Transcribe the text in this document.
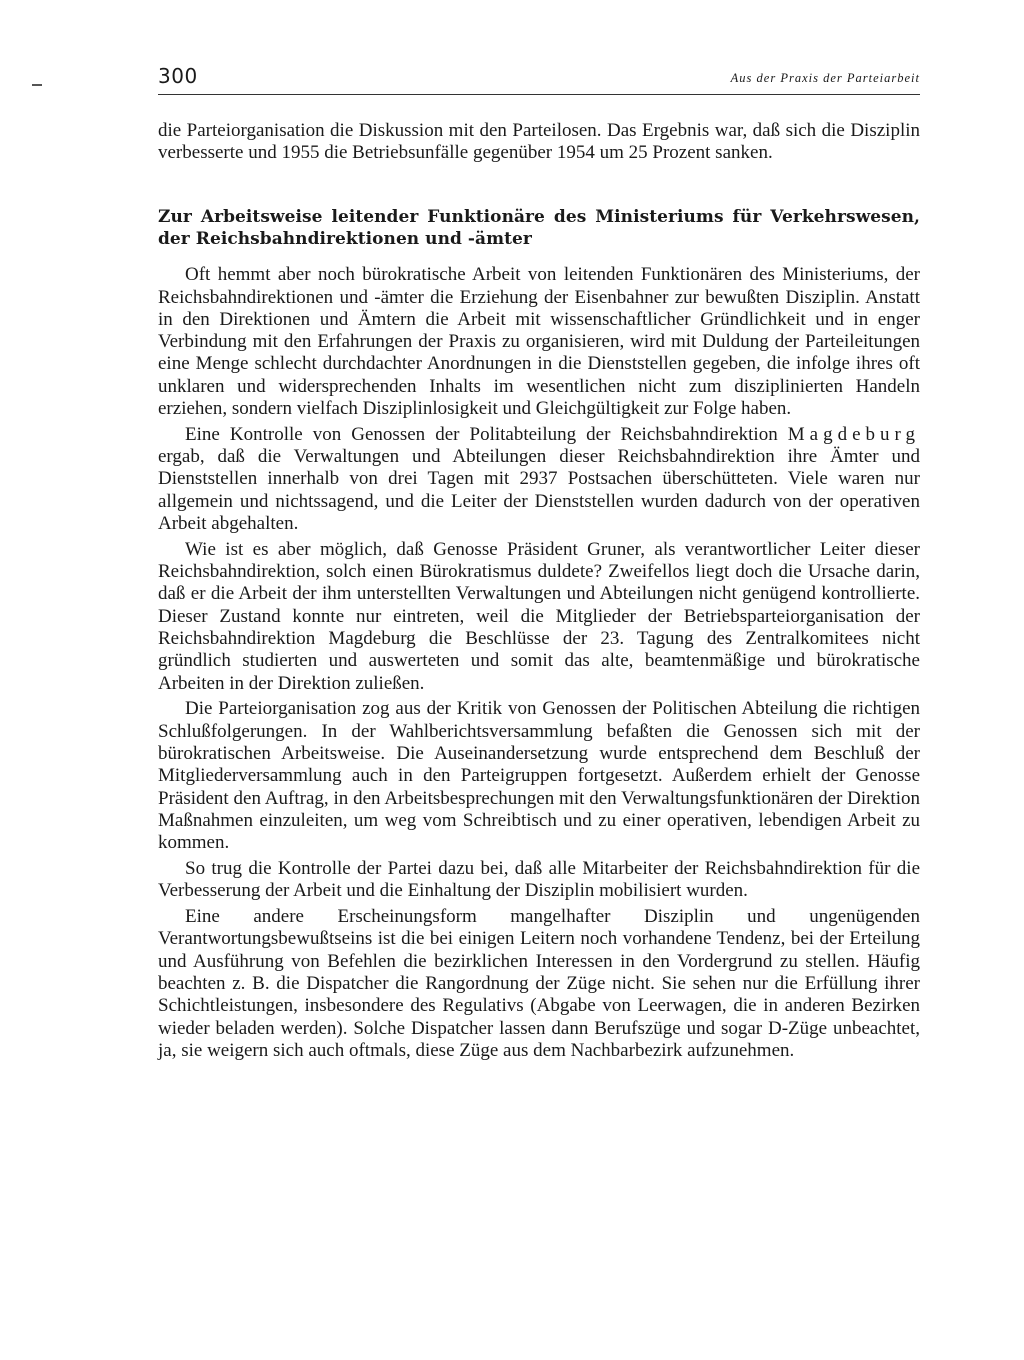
300	Aus der Praxis der Parteiarbeit

die Parteiorganisation die Diskussion mit den Parteilosen. Das Ergebnis war, daß sich die Disziplin verbesserte und 1955 die Betriebsunfälle gegenüber 1954 um 25 Prozent sanken.

Zur Arbeitsweise leitender Funktionäre des Ministeriums für Verkehrswesen, der Reichsbahndirektionen und -ämter

Oft hemmt aber noch bürokratische Arbeit von leitenden Funktionären des Ministeriums, der Reichsbahndirektionen und -ämter die Erziehung der Eisenbahner zur bewußten Disziplin. Anstatt in den Direktionen und Ämtern die Arbeit mit wissenschaftlicher Gründlichkeit und in enger Verbindung mit den Erfahrungen der Praxis zu organisieren, wird mit Duldung der Parteileitungen eine Menge schlecht durchdachter Anordnungen in die Dienststellen gegeben, die infolge ihres oft unklaren und widersprechenden Inhalts im wesentlichen nicht zum disziplinierten Handeln erziehen, sondern vielfach Disziplinlosigkeit und Gleichgültigkeit zur Folge haben.

Eine Kontrolle von Genossen der Politabteilung der Reichsbahndirektion Magdeburg ergab, daß die Verwaltungen und Abteilungen dieser Reichsbahndirektion ihre Ämter und Dienststellen innerhalb von drei Tagen mit 2937 Postsachen überschütteten. Viele waren nur allgemein und nichtssagend, und die Leiter der Dienststellen wurden dadurch von der operativen Arbeit abgehalten.

Wie ist es aber möglich, daß Genosse Präsident Gruner, als verantwortlicher Leiter dieser Reichsbahndirektion, solch einen Bürokratismus duldete? Zweifellos liegt doch die Ursache darin, daß er die Arbeit der ihm unterstellten Verwaltungen und Abteilungen nicht genügend kontrollierte. Dieser Zustand konnte nur eintreten, weil die Mitglieder der Betriebsparteiorganisation der Reichsbahndirektion Magdeburg die Beschlüsse der 23. Tagung des Zentralkomitees nicht gründlich studierten und auswerteten und somit das alte, beamtenmäßige und bürokratische Arbeiten in der Direktion zuließen.

Die Parteiorganisation zog aus der Kritik von Genossen der Politischen Abteilung die richtigen Schlußfolgerungen. In der Wahlberichtsversammlung befaßten die Genossen sich mit der bürokratischen Arbeitsweise. Die Auseinandersetzung wurde entsprechend dem Beschluß der Mitgliederversammlung auch in den Parteigruppen fortgesetzt. Außerdem erhielt der Genosse Präsident den Auftrag, in den Arbeitsbesprechungen mit den Verwaltungsfunktionären der Direktion Maßnahmen einzuleiten, um weg vom Schreibtisch und zu einer operativen, lebendigen Arbeit zu kommen.

So trug die Kontrolle der Partei dazu bei, daß alle Mitarbeiter der Reichsbahndirektion für die Verbesserung der Arbeit und die Einhaltung der Disziplin mobilisiert wurden.

Eine andere Erscheinungsform mangelhafter Disziplin und ungenügenden Verantwortungsbewußtseins ist die bei einigen Leitern noch vorhandene Tendenz, bei der Erteilung und Ausführung von Befehlen die bezirklichen Interessen in den Vordergrund zu stellen. Häufig beachten z. B. die Dispatcher die Rangordnung der Züge nicht. Sie sehen nur die Erfüllung ihrer Schichtleistungen, insbesondere des Regulativs (Abgabe von Leerwagen, die in anderen Bezirken wieder beladen werden). Solche Dispatcher lassen dann Berufszüge und sogar D-Züge unbeachtet, ja, sie weigern sich auch oftmals, diese Züge aus dem Nachbarbezirk aufzunehmen.
